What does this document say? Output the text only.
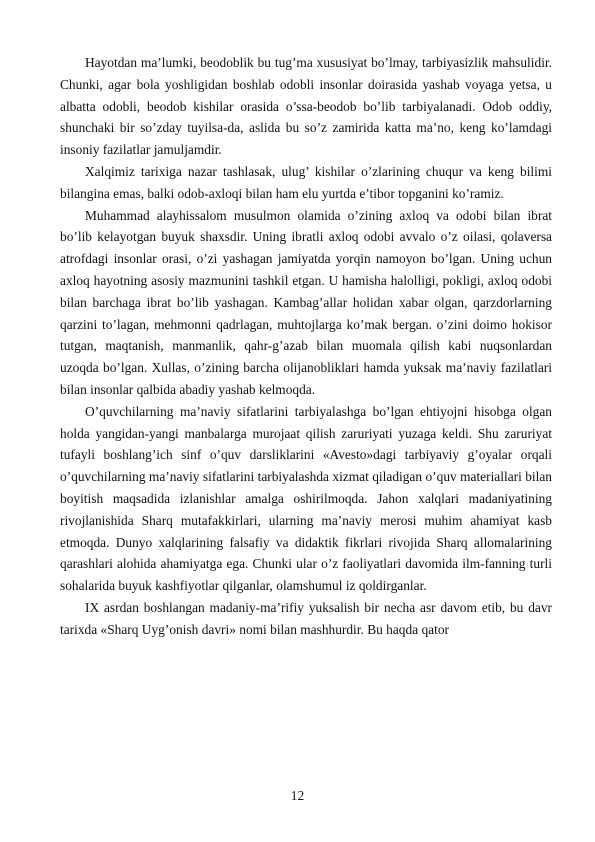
Hayotdan ma’lumki, beodoblik bu tug’ma xususiyat bo’lmay, tarbiyasizlik mahsulidir. Chunki, agar bola yoshligidan boshlab odobli insonlar doirasida yashab voyaga yetsa, u albatta odobli, beodob kishilar orasida o’ssa-beodob bo’lib tarbiyalanadi. Odob oddiy, shunchaki bir so’zday tuyilsa-da, aslida bu so’z zamirida katta ma’no, keng ko’lamdagi insoniy fazilatlar jamuljamdir.

Xalqimiz tarixiga nazar tashlasak, ulug’ kishilar o’zlarining chuqur va keng bilimi bilangina emas, balki odob-axloqi bilan ham elu yurtda e’tibor topganini ko’ramiz.

Muhammad alayhissalom musulmon olamida o’zining axloq va odobi bilan ibrat bo’lib kelayotgan buyuk shaxsdir. Uning ibratli axloq odobi avvalo o’z oilasi, qolaversa atrofdagi insonlar orasi, o’zi yashagan jamiyatda yorqin namoyon bo’lgan. Uning uchun axloq hayotning asosiy mazmunini tashkil etgan. U hamisha halolligi, pokligi, axloq odobi bilan barchaga ibrat bo’lib yashagan. Kambag’allar holidan xabar olgan, qarzdorlarning qarzini to’lagan, mehmonni qadrlagan, muhtojlarga ko’mak bergan. o’zini doimo hokisor tutgan, maqtanish, manmanlik, qahr-g’azab bilan muomala qilish kabi nuqsonlardan uzoqda bo’lgan. Xullas, o’zining barcha olijanobliklari hamda yuksak ma’naviy fazilatlari bilan insonlar qalbida abadiy yashab kelmoqda.

O’quvchilarning ma’naviy sifatlarini tarbiyalashga bo’lgan ehtiyojni hisobga olgan holda yangidan-yangi manbalarga murojaat qilish zaruriyati yuzaga keldi. Shu zaruriyat tufayli boshlang’ich sinf o’quv darsliklarini «Avesto»dagi tarbiyaviy g’oyalar orqali o’quvchilarning ma’naviy sifatlarini tarbiyalashda xizmat qiladigan o’quv materiallari bilan boyitish maqsadida izlanishlar amalga oshirilmoqda. Jahon xalqlari madaniyatining rivojlanishida Sharq mutafakkirlari, ularning ma’naviy merosi muhim ahamiyat kasb etmoqda. Dunyo xalqlarining falsafiy va didaktik fikrlari rivojida Sharq allomalarining qarashlari alohida ahamiyatga ega. Chunki ular o’z faoliyatlari davomida ilm-fanning turli sohalarida buyuk kashfiyotlar qilganlar, olamshumul iz qoldirganlar.

IX asrdan boshlangan madaniy-ma’rifiy yuksalish bir necha asr davom etib, bu davr tarixda «Sharq Uyg’onish davri» nomi bilan mashhurdir. Bu haqda qator

12
